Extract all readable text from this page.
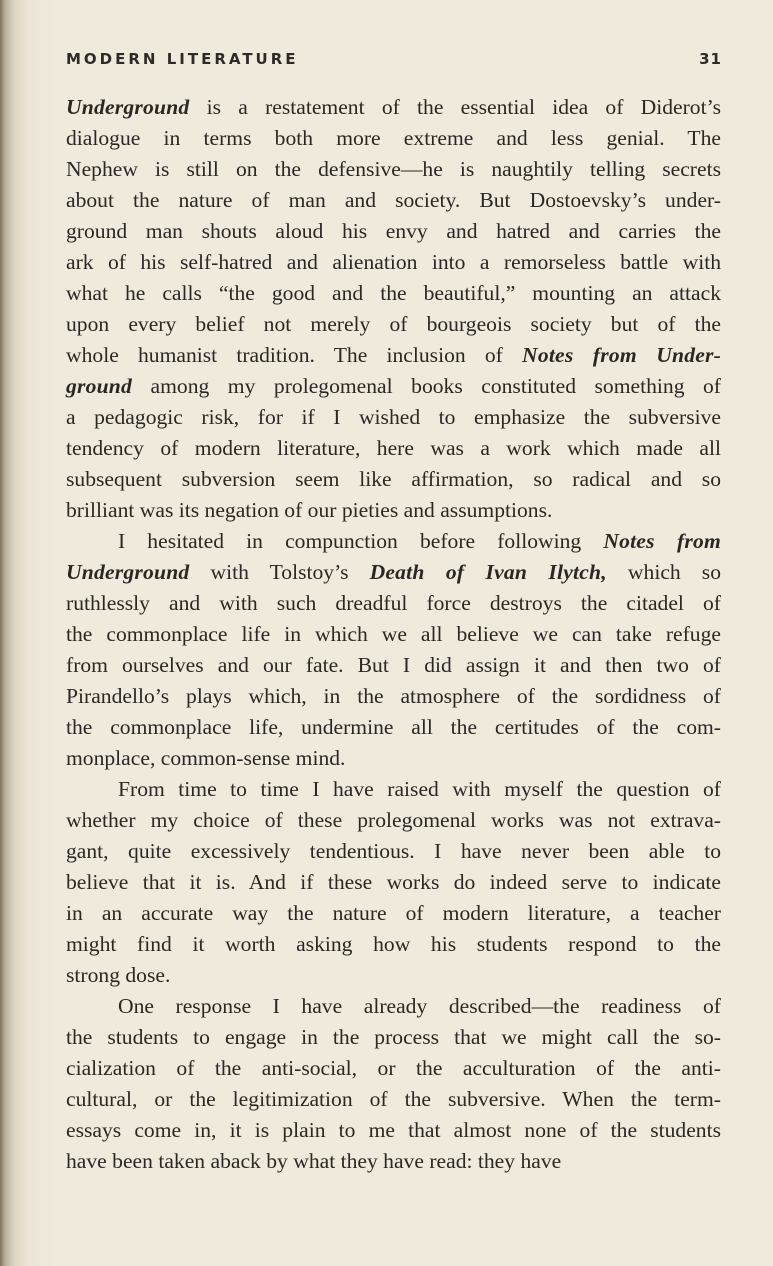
MODERN LITERATURE	31
Underground is a restatement of the essential idea of Diderot’s
dialogue in terms both more extreme and less genial. The
Nephew is still on the defensive—he is naughtily telling secrets
about the nature of man and society. But Dostoevsky’s under-
ground man shouts aloud his envy and hatred and carries the
ark of his self-hatred and alienation into a remorseless battle with
what he calls “the good and the beautiful,” mounting an attack
upon every belief not merely of bourgeois society but of the
whole humanist tradition. The inclusion of Notes from Under-
ground among my prolegomenal books constituted something of
a pedagogic risk, for if I wished to emphasize the subversive
tendency of modern literature, here was a work which made all
subsequent subversion seem like affirmation, so radical and so
brilliant was its negation of our pieties and assumptions.
I hesitated in compunction before following Notes from
Underground with Tolstoy’s Death of Ivan Ilytch, which so
ruthlessly and with such dreadful force destroys the citadel of
the commonplace life in which we all believe we can take refuge
from ourselves and our fate. But I did assign it and then two of
Pirandello’s plays which, in the atmosphere of the sordidness of
the commonplace life, undermine all the certitudes of the com-
monplace, common-sense mind.
From time to time I have raised with myself the question of
whether my choice of these prolegomenal works was not extrava-
gant, quite excessively tendentious. I have never been able to
believe that it is. And if these works do indeed serve to indicate
in an accurate way the nature of modern literature, a teacher
might find it worth asking how his students respond to the
strong dose.
One response I have already described—the readiness of
the students to engage in the process that we might call the so-
cialization of the anti-social, or the acculturation of the anti-
cultural, or the legitimization of the subversive. When the term-
essays come in, it is plain to me that almost none of the students
have been taken aback by what they have read: they have
